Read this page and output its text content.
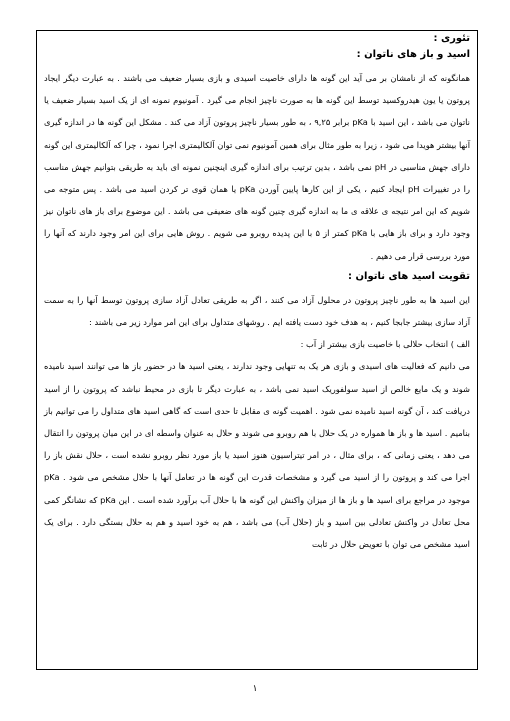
تئوری :
اسید و باز های ناتوان :

همانگونه که از نامشان بر می آید این گونه ها دارای خاصیت اسیدی و بازی بسیار ضعیف می باشند . به عبارت دیگر ایجاد پروتون یا یون هیدروکسید توسط این گونه ها به صورت ناچیز انجام می گیرد . آمونیوم نمونه ای از یک اسید بسیار ضعیف یا ناتوان می باشد ، این اسید با pKa برابر ۹,۲۵ ، به طور بسیار ناچیز پروتون آزاد می کند . مشکل این گونه ها در اندازه گیری آنها بیشتر هویدا می شود ، زیرا به طور مثال برای همین آمونیوم نمی توان آلکالیمتری اجرا نمود ، چرا که آلکالیمتری این گونه دارای جهش مناسبی در pH نمی باشد ، بدین ترتیب برای اندازه گیری اینچنین نمونه ای باید به طریقی بتوانیم جهش مناسب را در تغییرات pH ایجاد کنیم ، یکی از این کارها پایین آوردن pKa یا همان قوی تر کردن اسید می باشد . پس متوجه می شویم که این امر نتیجه ی علاقه ی ما به اندازه گیری چنین گونه های ضعیفی می باشد . این موضوع برای باز های ناتوان نیز وجود دارد و برای باز هایی با pKa کمتر از ۵ با این پدیده روبرو می شویم . روش هایی برای این امر وجود دارند که آنها را مورد بررسی قرار می دهیم .

تقویت اسید های ناتوان :

این اسید ها به طور ناچیز پروتون در محلول آزاد می کنند ، اگر به طریقی تعادل آزاد سازی پروتون توسط آنها را به سمت آزاد سازی بیشتر جابجا کنیم ، به هدف خود دست یافته ایم . روشهای متداول برای این امر موارد زیر می باشند :

الف ) انتخاب حلالی با خاصیت بازی بیشتر از آب :

می دانیم که فعالیت های اسیدی و بازی هر یک به تنهایی وجود ندارند ، یعنی اسید ها در حضور باز ها می توانند اسید نامیده شوند و یک مایع خالص از اسید سولفوریک اسید نمی باشد ، به عبارت دیگر تا بازی در محیط نباشد که پروتون را از اسید دریافت کند ، آن گونه اسید نامیده نمی شود . اهمیت گونه ی مقابل تا حدی است که گاهی اسید های متداول را می توانیم باز بنامیم . اسید ها و باز ها همواره در یک حلال با هم روبرو می شوند و حلال به عنوان واسطه ای در این میان پروتون را انتقال می دهد ، یعنی زمانی که ، برای مثال ، در امر تیتراسیون هنوز اسید یا باز مورد نظر روبرو نشده است ، حلال نقش باز را اجرا می کند و پروتون را از اسید می گیرد و مشخصات قدرت این گونه ها در تعامل آنها با حلال مشخص می شود . pKa موجود در مراجع برای اسید ها و باز ها از میزان واکنش این گونه ها با حلال آب برآورد شده است . این pKa که نشانگر کمی محل تعادل در واکنش تعادلی بین اسید و باز (حلال آب) می باشد ، هم به خود اسید و هم به حلال بستگی دارد . برای یک اسید مشخص می توان با تعویض حلال در ثابت

۱
